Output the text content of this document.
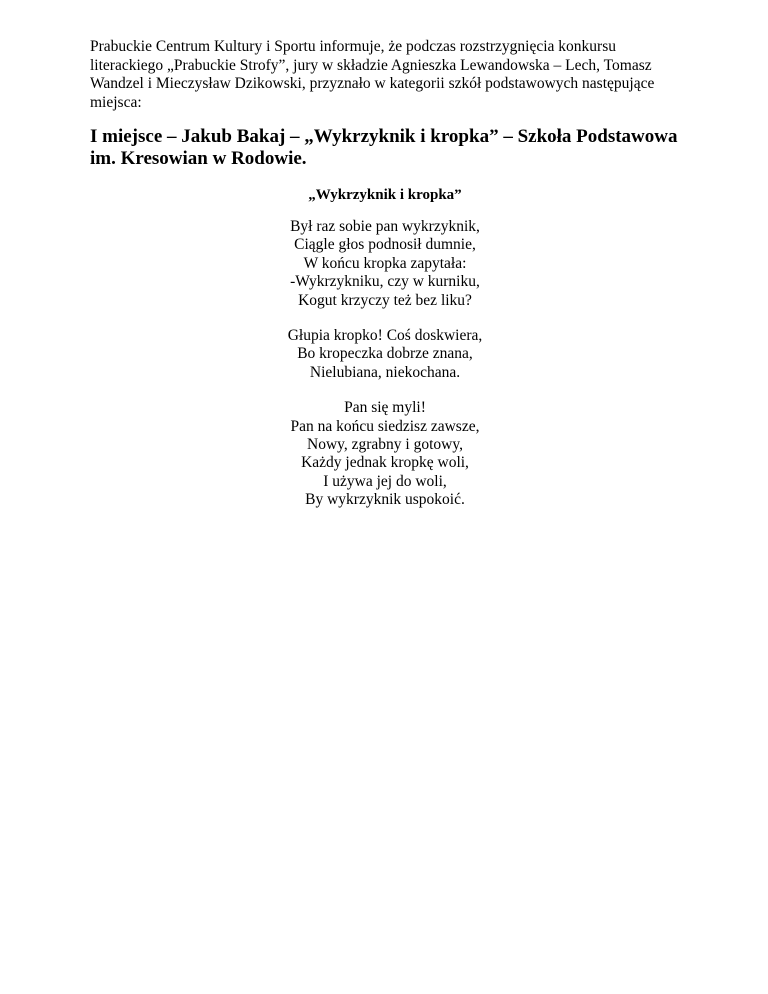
Prabuckie Centrum Kultury i Sportu informuje, że podczas rozstrzygnięcia konkursu literackiego „Prabuckie Strofy”, jury w składzie Agnieszka Lewandowska – Lech, Tomasz Wandzel i Mieczysław Dzikowski, przyznało w kategorii szkół podstawowych następujące miejsca:

I miejsce – Jakub Bakaj – „Wykrzyknik i kropka” – Szkoła Podstawowa im. Kresowian w Rodowie.

„Wykrzyknik i kropka”

Był raz sobie pan wykrzyknik,
Ciągle głos podnosił dumnie,
W końcu kropka zapytała:
-Wykrzykniku, czy w kurniku,
Kogut krzyczy też bez liku?
Głupia kropko! Coś doskwiera,
Bo kropeczka dobrze znana,
Nielubiana, niekochana.
Pan się myli!
Pan na końcu siedzisz zawsze,
Nowy, zgrabny i gotowy,
Każdy jednak kropkę woli,
I używa jej do woli,
By wykrzyknik uspokoić.
